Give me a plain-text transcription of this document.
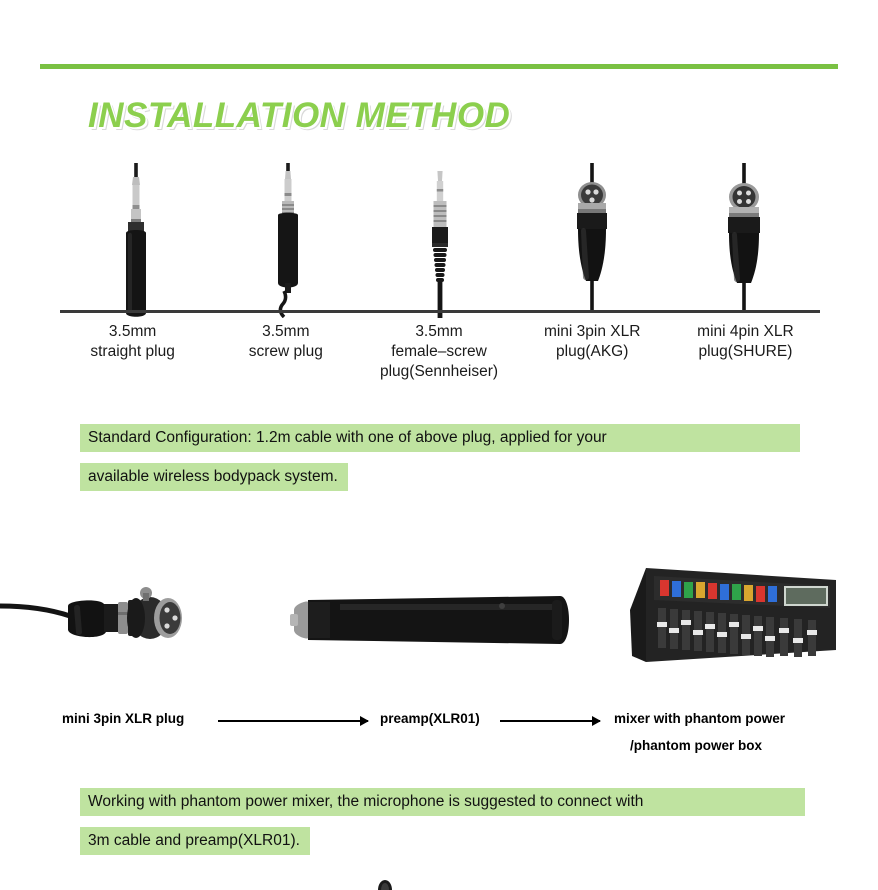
INSTALLATION METHOD
3.5mm
straight plug
3.5mm
screw plug
3.5mm
female–screw
plug(Sennheiser)
mini 3pin XLR
plug(AKG)
mini 4pin XLR
plug(SHURE)
Standard Configuration: 1.2m cable with one of above plug, applied for your
available wireless bodypack system.
mini 3pin XLR plug	preamp(XLR01)	mixer with phantom power
/phantom power box
Working with phantom power mixer, the microphone is suggested to connect with
3m cable and preamp(XLR01).
